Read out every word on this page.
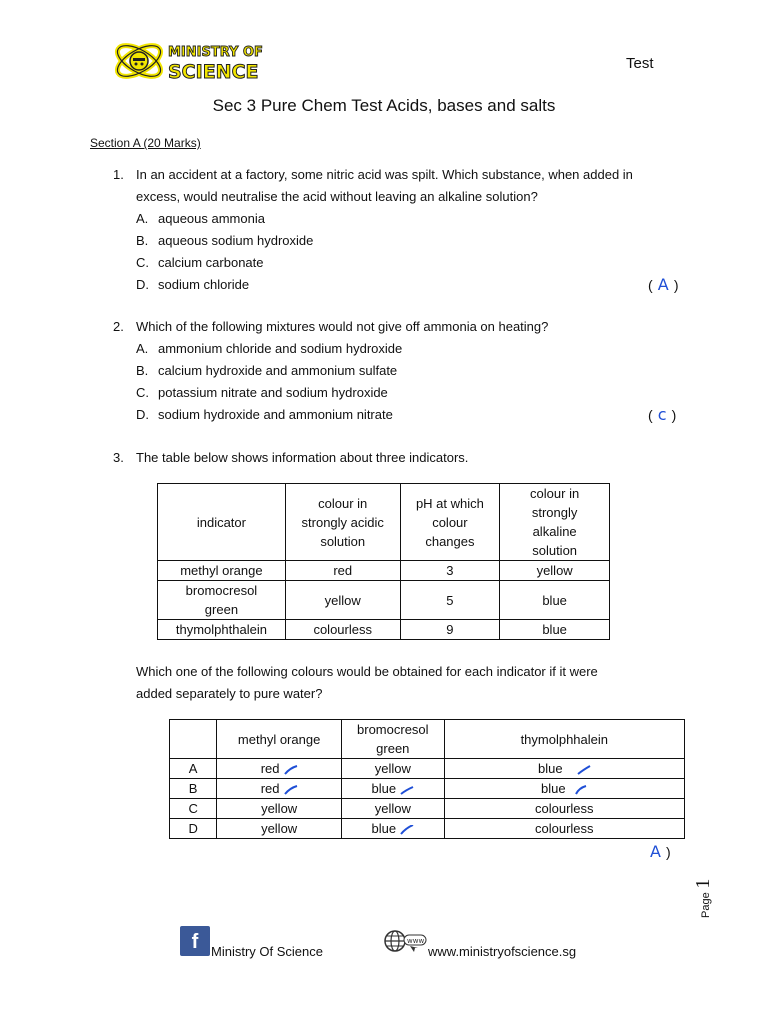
MINISTRY OF
SCIENCE	Test
Sec 3 Pure Chem Test Acids, bases and salts
Section A (20 Marks)
1. In an accident at a factory, some nitric acid was spilt. Which substance, when added in
excess, would neutralise the acid without leaving an alkaline solution?
A. aqueous ammonia
B. aqueous sodium hydroxide
C. calcium carbonate
D. sodium chloride	( A )
2. Which of the following mixtures would not give off ammonia on heating?
A. ammonium chloride and sodium hydroxide
B. calcium hydroxide and ammonium sulfate
C. potassium nitrate and sodium hydroxide
D. sodium hydroxide and ammonium nitrate	( c )
3. The table below shows information about three indicators.
indicator	colour in
strongly acidic
solution	pH at which
colour
changes	colour in
strongly
alkaline
solution
methyl orange	red	3	yellow
bromocresol
green	yellow	5	blue
thymolphthalein	colourless	9	blue
Which one of the following colours would be obtained for each indicator if it were
added separately to pure water?
	methyl orange	bromocresol
green	thymolphhalein
A	red	yellow	blue
B	red	blue	blue
C	yellow	yellow	colourless
D	yellow	blue	colourless
A )
f Ministry Of Science
www
www.ministryofscience.sg
Page 1
